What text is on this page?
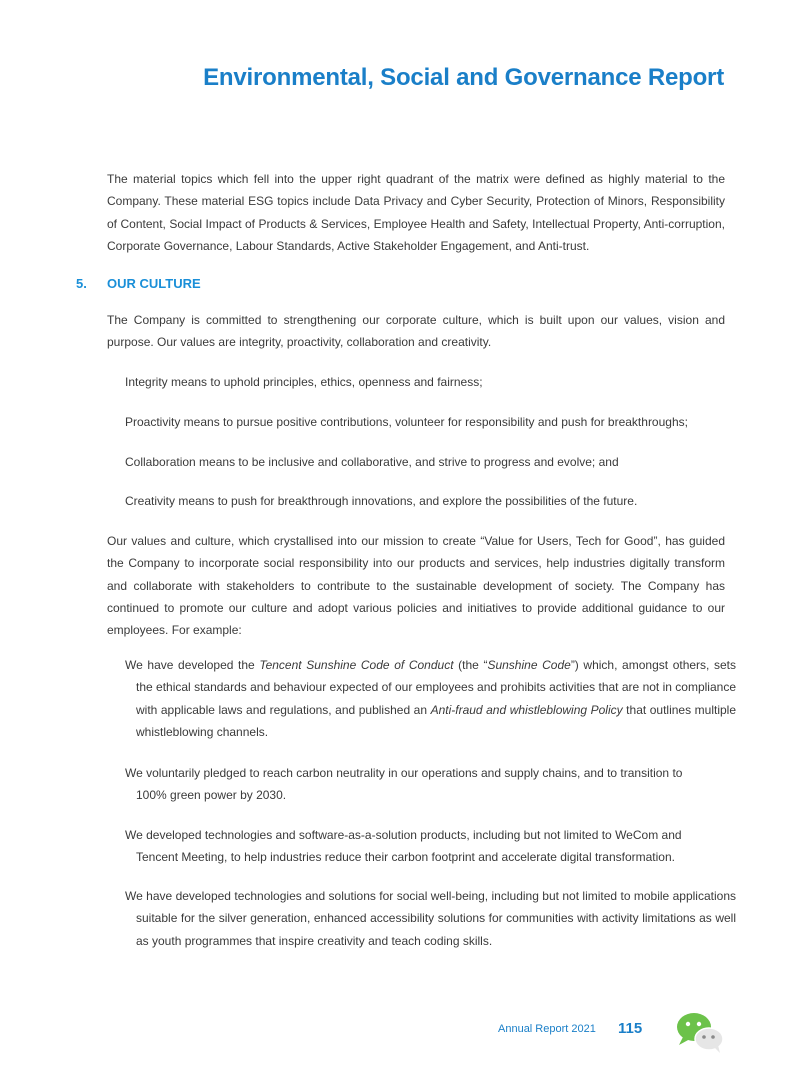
Environmental, Social and Governance Report

The material topics which fell into the upper right quadrant of the matrix were defined as highly material to the Company. These material ESG topics include Data Privacy and Cyber Security, Protection of Minors, Responsibility of Content, Social Impact of Products & Services, Employee Health and Safety, Intellectual Property, Anti-corruption, Corporate Governance, Labour Standards, Active Stakeholder Engagement, and Anti-trust.

5. OUR CULTURE

The Company is committed to strengthening our corporate culture, which is built upon our values, vision and purpose. Our values are integrity, proactivity, collaboration and creativity.

Integrity means to uphold principles, ethics, openness and fairness;

Proactivity means to pursue positive contributions, volunteer for responsibility and push for breakthroughs;

Collaboration means to be inclusive and collaborative, and strive to progress and evolve; and

Creativity means to push for breakthrough innovations, and explore the possibilities of the future.

Our values and culture, which crystallised into our mission to create “Value for Users, Tech for Good”, has guided the Company to incorporate social responsibility into our products and services, help industries digitally transform and collaborate with stakeholders to contribute to the sustainable development of society. The Company has continued to promote our culture and adopt various policies and initiatives to provide additional guidance to our employees. For example:

We have developed the Tencent Sunshine Code of Conduct (the “Sunshine Code”) which, amongst others, sets the ethical standards and behaviour expected of our employees and prohibits activities that are not in compliance with applicable laws and regulations, and published an Anti-fraud and whistleblowing Policy that outlines multiple whistleblowing channels.

We voluntarily pledged to reach carbon neutrality in our operations and supply chains, and to transition to 100% green power by 2030.

We developed technologies and software-as-a-solution products, including but not limited to WeCom and Tencent Meeting, to help industries reduce their carbon footprint and accelerate digital transformation.

We have developed technologies and solutions for social well-being, including but not limited to mobile applications suitable for the silver generation, enhanced accessibility solutions for communities with activity limitations as well as youth programmes that inspire creativity and teach coding skills.

Annual Report 2021 115
